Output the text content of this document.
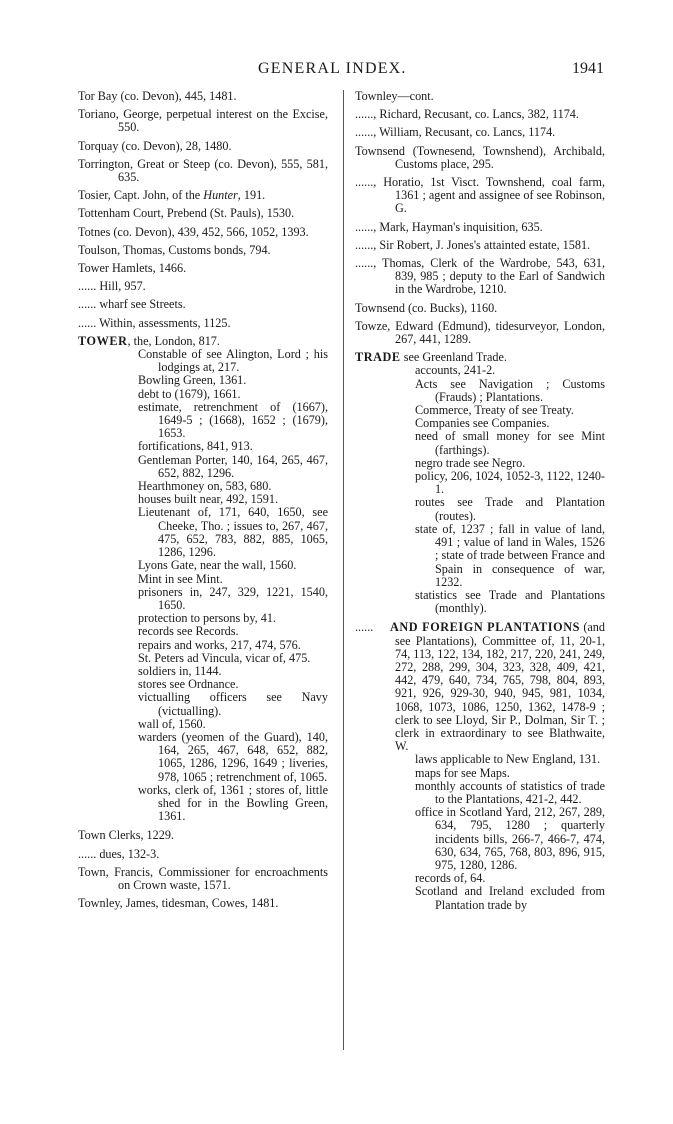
GENERAL INDEX.	1941
Tor Bay (co. Devon), 445, 1481.
Toriano, George, perpetual interest on the Excise, 550.
Torquay (co. Devon), 28, 1480.
Torrington, Great or Steep (co. Devon), 555, 581, 635.
Tosier, Capt. John, of the Hunter, 191.
Tottenham Court, Prebend (St. Pauls), 1530.
Totnes (co. Devon), 439, 452, 566, 1052, 1393.
Toulson, Thomas, Customs bonds, 794.
Tower Hamlets, 1466.
...... Hill, 957.
...... wharf see Streets.
...... Within, assessments, 1125.
TOWER, the, London, 817.
Constable of see Alington, Lord ; his lodgings at, 217.
Bowling Green, 1361.
debt to (1679), 1661.
estimate, retrenchment of (1667), 1649-5 ; (1668), 1652 ; (1679), 1653.
fortifications, 841, 913.
Gentleman Porter, 140, 164, 265, 467, 652, 882, 1296.
Hearthmoney on, 583, 680.
houses built near, 492, 1591.
Lieutenant of, 171, 640, 1650, see Cheeke, Tho. ; issues to, 267, 467, 475, 652, 783, 882, 885, 1065, 1286, 1296.
Lyons Gate, near the wall, 1560.
Mint in see Mint.
prisoners in, 247, 329, 1221, 1540, 1650.
protection to persons by, 41.
records see Records.
repairs and works, 217, 474, 576.
St. Peters ad Vincula, vicar of, 475.
soldiers in, 1144.
stores see Ordnance.
victualling officers see Navy (victualling).
wall of, 1560.
warders (yeomen of the Guard), 140, 164, 265, 467, 648, 652, 882, 1065, 1286, 1296, 1649 ; liveries, 978, 1065 ; retrenchment of, 1065.
works, clerk of, 1361 ; stores of, little shed for in the Bowling Green, 1361.
Town Clerks, 1229.
...... dues, 132-3.
Town, Francis, Commissioner for encroachments on Crown waste, 1571.
Townley, James, tidesman, Cowes, 1481.
Townley—cont.
......, Richard, Recusant, co. Lancs, 382, 1174.
......, William, Recusant, co. Lancs, 1174.
Townsend (Townesend, Townshend), Archibald, Customs place, 295.
......, Horatio, 1st Visct. Townshend, coal farm, 1361 ; agent and assignee of see Robinson, G.
......, Mark, Hayman's inquisition, 635.
......, Sir Robert, J. Jones's attainted estate, 1581.
......, Thomas, Clerk of the Wardrobe, 543, 631, 839, 985 ; deputy to the Earl of Sandwich in the Wardrobe, 1210.
Townsend (co. Bucks), 1160.
Towze, Edward (Edmund), tidesurveyor, London, 267, 441, 1289.
TRADE see Greenland Trade.
accounts, 241-2.
Acts see Navigation ; Customs (Frauds) ; Plantations.
Commerce, Treaty of see Treaty.
Companies see Companies.
need of small money for see Mint (farthings).
negro trade see Negro.
policy, 206, 1024, 1052-3, 1122, 1240-1.
routes see Trade and Plantation (routes).
state of, 1237 ; fall in value of land, 491 ; value of land in Wales, 1526 ; state of trade between France and Spain in consequence of war, 1232.
statistics see Trade and Plantations (monthly).
...... AND FOREIGN PLANTATIONS (and see Plantations), Committee of, 11, 20-1, 74, 113, 122, 134, 182, 217, 220, 241, 249, 272, 288, 299, 304, 323, 328, 409, 421, 442, 479, 640, 734, 765, 798, 804, 893, 921, 926, 929-30, 940, 945, 981, 1034, 1068, 1073, 1086, 1250, 1362, 1478-9 ; clerk to see Lloyd, Sir P., Dolman, Sir T. ; clerk in extraordinary to see Blathwaite, W.
laws applicable to New England, 131.
maps for see Maps.
monthly accounts of statistics of trade to the Plantations, 421-2, 442.
office in Scotland Yard, 212, 267, 289, 634, 795, 1280 ; quarterly incidents bills, 266-7, 466-7, 474, 630, 634, 765, 768, 803, 896, 915, 975, 1280, 1286.
records of, 64.
Scotland and Ireland excluded from Plantation trade by
